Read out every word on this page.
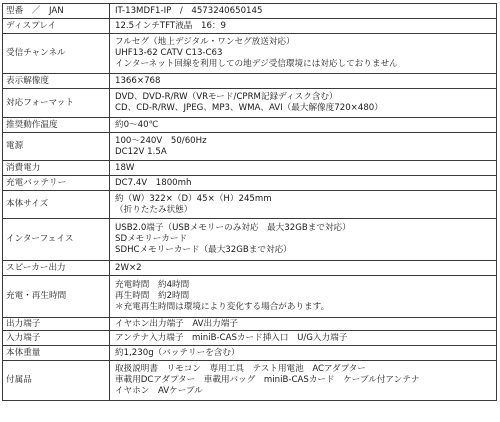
型番　／　JAN	IT-13MDF1-IP　/　4573240650145

ディスプレイ	12.5インチTFT液晶　16：9

受信チャンネル	フルセグ（地上デジタル・ワンセグ放送対応）
UHF13-62 CATV C13-C63
インターネット回線を利用しての地デジ受信環境には対応しておりません

表示解像度	1366×768

対応フォーマット	DVD、DVD-R/RW（VRモード/CPRM記録ディスク含む）
CD、CD-R/RW、JPEG、MP3、WMA、AVI（最大解像度720×480）

推奨動作温度	約0〜40℃

電源	100〜240V　50/60Hz
DC12V 1.5A

消費電力	18W

充電バッテリー	DC7.4V　1800mh

本体サイズ	約（W）322×（D）45×（H）245mm
（折りたたみ状態）

インターフェイス	USB2.0端子（USBメモリーのみ対応　最大32GBまで対応）
SDメモリーカード
SDHCメモリーカード（最大32GBまで対応）

スピーカー出力	2W×2

充電・再生時間	充電時間　約4時間
再生時間　約2時間
＊充電再生時間は環境により変化する場合があります。

出力端子	イヤホン出力端子　AV出力端子

入力端子	アンテナ入力端子　miniB-CASカード挿入口　U/G入力端子

本体重量	約1,230g（バッテリーを含む）

付属品	取扱説明書　リモコン　専用工具　テスト用電池　ACアダプター
車載用DCアダプター　車載用バッグ　miniB-CASカード　ケーブル付アンテナ
イヤホン　AVケーブル
